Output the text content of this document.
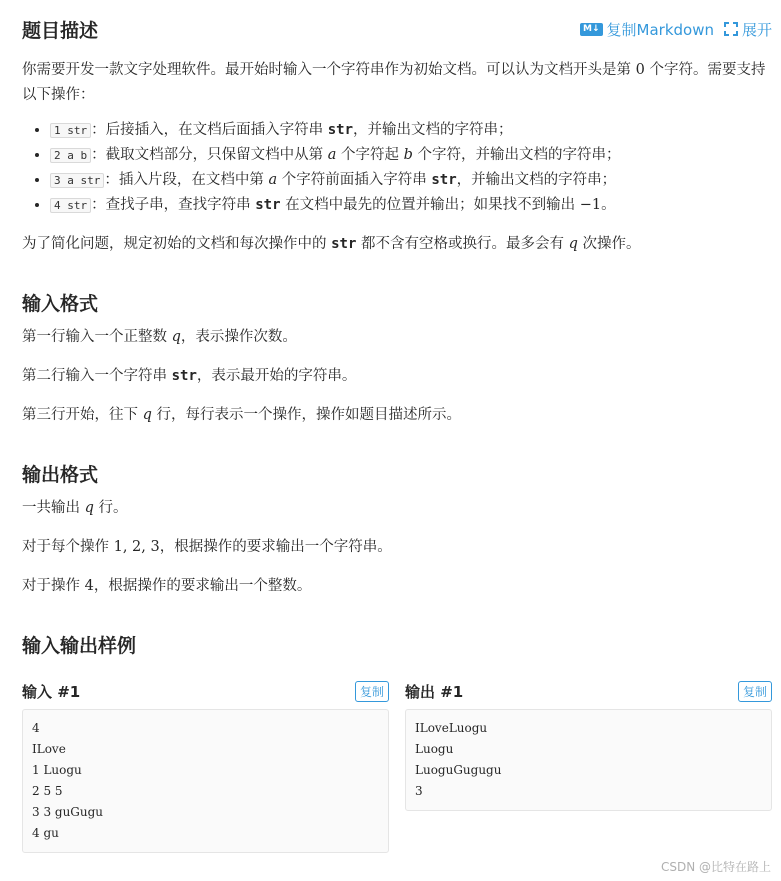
题目描述	M↓ 复制Markdown 展开

你需要开发一款文字处理软件。最开始时输入一个字符串作为初始文档。可以认为文档开头是第 0 个字符。需要支持以下操作：

• 1 str ：后接插入，在文档后面插入字符串 str，并输出文档的字符串；
• 2 a b ：截取文档部分，只保留文档中从第 a 个字符起 b 个字符，并输出文档的字符串；
• 3 a str ：插入片段，在文档中第 a 个字符前面插入字符串 str，并输出文档的字符串；
• 4 str ：查找子串，查找字符串 str 在文档中最先的位置并输出；如果找不到输出 −1。

为了简化问题，规定初始的文档和每次操作中的 str 都不含有空格或换行。最多会有 q 次操作。

输入格式

第一行输入一个正整数 q，表示操作次数。

第二行输入一个字符串 str，表示最开始的字符串。

第三行开始，往下 q 行，每行表示一个操作，操作如题目描述所示。

输出格式

一共输出 q 行。

对于每个操作 1, 2, 3，根据操作的要求输出一个字符串。

对于操作 4，根据操作的要求输出一个整数。

输入输出样例
输入 #1	复制
4
ILove
1 Luogu
2 5 5
3 3 guGugu
4 gu
输出 #1	复制
ILoveLuogu
Luogu
LuoguGugugu
3
CSDN @比特在路上
